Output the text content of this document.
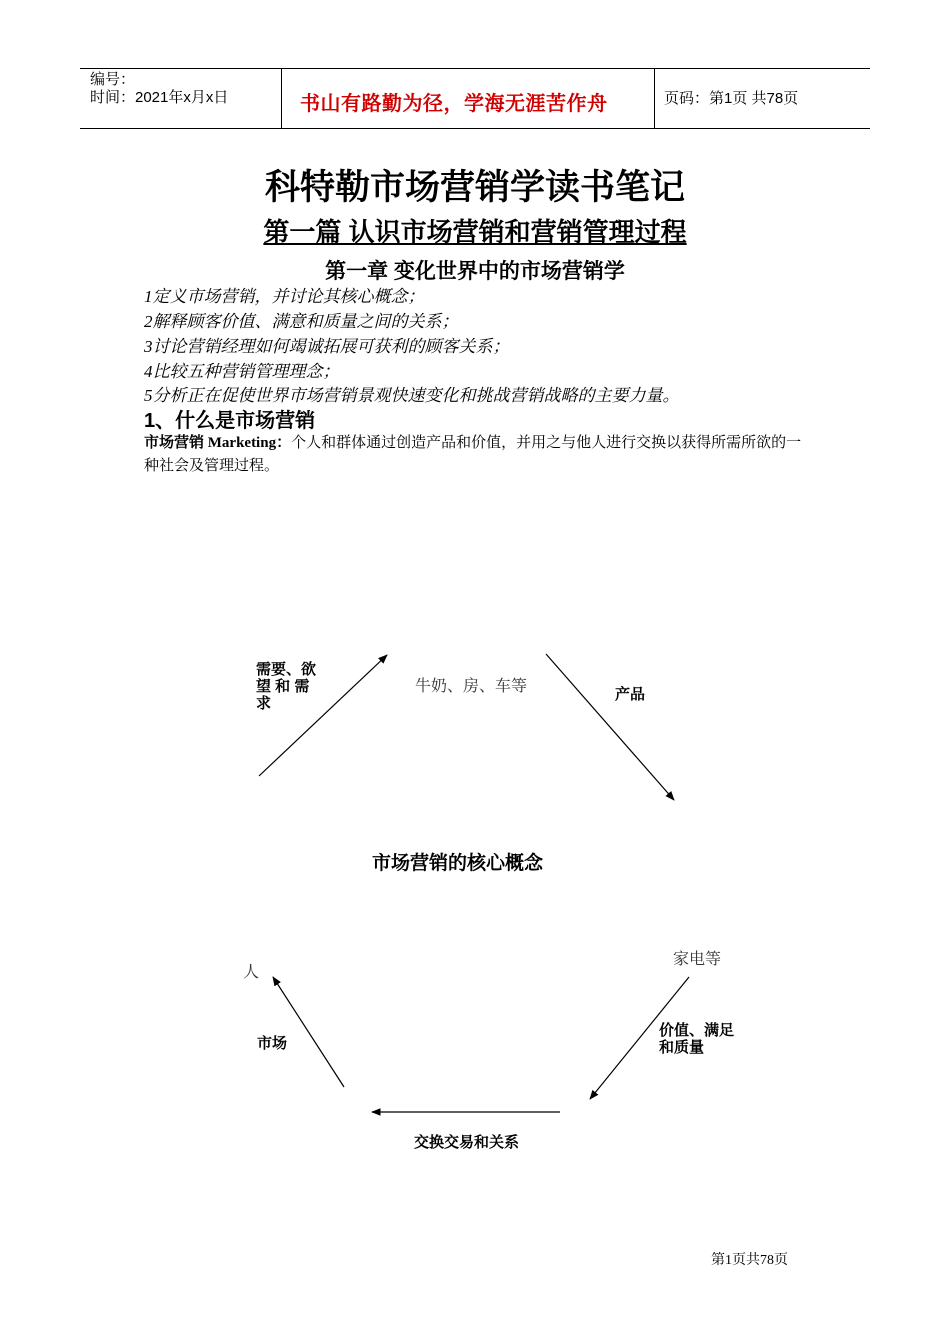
编号：
时间：2021年x月x日	书山有路勤为径，学海无涯苦作舟	页码：第1页 共78页
科特勒市场营销学读书笔记
第一篇 认识市场营销和营销管理过程
第一章 变化世界中的市场营销学
1定义市场营销，并讨论其核心概念；
2解释顾客价值、满意和质量之间的关系；
3讨论营销经理如何竭诚拓展可获利的顾客关系；
4比较五种营销管理理念；
5分析正在促使世界市场营销景观快速变化和挑战营销战略的主要力量。
1、什么是市场营销
市场营销 Marketing：个人和群体通过创造产品和价值，并用之与他人进行交换以获得所需所欲的一种社会及管理过程。
需要、欲
望 和 需
求
牛奶、房、车等	产品
市场营销的核心概念
家电等
价值、满足
和质量
人
市场
交换交易和关系
第1页共78页
